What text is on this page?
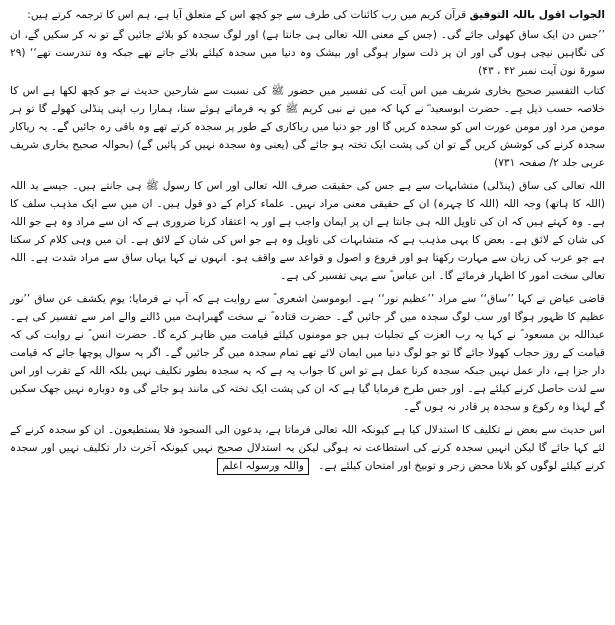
الجواب اقول باللہ التوفیق قرآن کریم میں رب کائنات کی طرف سے جو کچھ اس کے متعلق آیا ہے، ہم اس کا ترجمہ کرتے ہیں:

’’جس دن ایک ساق کھولی جائے گی۔ (جس کے معنی اللہ تعالی ہی جانتا ہے) اور لوگ سجدہ کو بلائے جائیں گے تو نہ کر سکیں گے، ان کی نگاہیں نیچی ہوں گی اور ان پر ذلت سوار ہوگی اور بیشک وہ دنیا میں سجدہ کیلئے بلائے جاتے تھے جبکہ وہ تندرست تھے‘‘ (۲۹ سورۃ نون آیت نمبر ۴۲ ، ۴۳)

کتاب التفسیر صحیح بخاری شریف میں اس آیت کی تفسیر میں حضور ﷺ کی نسبت سے شارحین حدیث نے جو کچھ لکھا ہے اس کا خلاصہ حسب ذیل ہے۔ حضرت ابوسعید ؓ نے کہا کہ میں نے نبی کریم ﷺ کو یہ فرماتے ہوئے سنا، ہمارا رب اپنی پنڈلی کھولے گا تو ہر مومن مرد اور مومن عورت اس کو سجدہ کریں گا اور جو دنیا میں ریاکاری کے طور پر سجدہ کرتے تھے وہ باقی رہ جائیں گے۔ یہ ریاکار سجدہ کرنے کی کوشش کریں گے تو ان کی پشت ایک تختہ ہو جائے گی (یعنی وہ سجدہ نہیں کر پائیں گے) (بحوالہ صحیح بخاری شریف عربی جلد ۲/ صفحہ ۷۳۱)

اللہ تعالی کی ساق (پنڈلی) متشابہات سے ہے جس کی حقیقت صرف اللہ تعالی اور اس کا رسول ﷺ ہی جانتے ہیں۔ جیسے ید اللہ (اللہ کا ہاتھ) وجہ اللہ (اللہ کا چہرہ) ان کے حقیقی معنی مراد نہیں۔ علماء کرام کے دو قول ہیں۔ ان میں سے ایک مذہب سلف کا ہے۔ وہ کہتے ہیں کہ ان کی تاویل اللہ ہی جانتا ہے ان پر ایمان واجب ہے اور یہ اعتقاد کرنا ضروری ہے کہ ان سے مراد وہ ہے جو اللہ کی شان کے لائق ہے۔ بعض کا یہی مذہب ہے کہ متشابہات کی تاویل وہ ہے جو اس کی شان کے لائق ہے۔ ان میں وہی کلام کر سکتا ہے جو عرب کی زبان سے مہارت رکھتا ہو اور فروع و اصول و قواعد سے واقف ہو۔ انہوں نے کہا یہاں ساق سے مراد شدت ہے۔ اللہ تعالی سخت امور کا اظہار فرمائے گا۔ ابن عباس ؓ سے یہی تفسیر کی ہے۔

قاضی عیاض نے کہا ’’ساق‘‘ سے مراد ’’عظیم نور‘‘ ہے۔ ابوموسیٰ اشعری ؓ سے روایت ہے کہ آپ نے فرمایا: یوم یکشف عن ساق ’’نور عظیم کا ظہور ہوگا اور سب لوگ سجدہ میں گر جائیں گے۔ حضرت قتادہ ؓ نے سخت گھبراہٹ میں ڈالنے والے امر سے تفسیر کی ہے۔ عبداللہ بن مسعود ؓ نے کہا یہ رب العزت کے تجلیات ہیں جو مومنوں کیلئے قیامت میں ظاہر کرے گا۔ حضرت انس ؓ نے روایت کی کہ قیامت کے روز حجاب کھولا جائے گا تو جو لوگ دنیا میں ایمان لائے تھے تمام سجدہ میں گر جائیں گے۔ اگر یہ سوال پوچھا جائے کہ قیامت دار جزا ہے، دار عمل نہیں جبکہ سجدہ کرنا عمل ہے تو اس کا جواب یہ ہے کہ یہ سجدہ بطور تکلیف نہیں بلکہ اللہ کے تقرب اور اس سے لذت حاصل کرنے کیلئے ہے۔ اور جس طرح فرمایا گیا ہے کہ ان کی پشت ایک تختہ کی مانند ہو جائے گی وہ دوبارہ نہیں جھک سکیں گے لہذا وہ رکوع و سجدہ پر قادر نہ ہوں گے۔

اس حدیث سے بعض نے تکلیف کا استدلال کیا ہے کیونکہ اللہ تعالی فرماتا ہے، یدعون الی السجود فلا یستطیعون۔ ان کو سجدہ کرنے کے لئے کہا جائے گا لیکن انہیں سجدہ کرنے کی استطاعت نہ ہوگی لیکن یہ استدلال صحیح نہیں کیونکہ آخرت دار تکلیف نہیں اور سجدہ کرنے کیلئے لوگوں کو بلانا محض زجر و توبیخ اور امتحان کیلئے ہے۔ واللہ ورسولہ اعلم
